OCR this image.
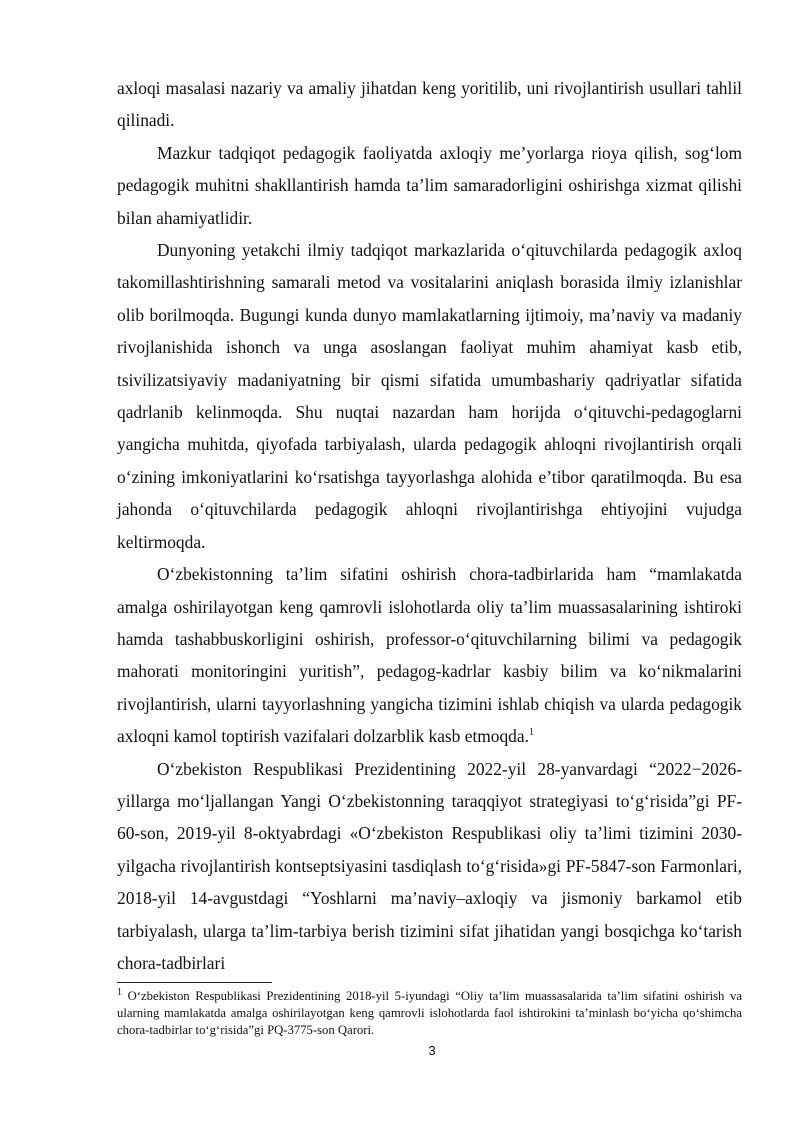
axloqi masalasi nazariy va amaliy jihatdan keng yoritilib, uni rivojlantirish usullari tahlil qilinadi.

Mazkur tadqiqot pedagogik faoliyatda axloqiy me’yorlarga rioya qilish, sog‘lom pedagogik muhitni shakllantirish hamda ta’lim samaradorligini oshirishga xizmat qilishi bilan ahamiyatlidir.

Dunyoning yetakchi ilmiy tadqiqot markazlarida o‘qituvchilarda pedagogik axloq takomillashtirishning samarali metod va vositalarini aniqlash borasida ilmiy izlanishlar olib borilmoqda. Bugungi kunda dunyo mamlakatlarning ijtimoiy, ma’naviy va madaniy rivojlanishida ishonch va unga asoslangan faoliyat muhim ahamiyat kasb etib, tsivilizatsiyaviy madaniyatning bir qismi sifatida umumbashariy qadriyatlar sifatida qadrlanib kelinmoqda. Shu nuqtai nazardan ham horijda o‘qituvchi-pedagoglarni yangicha muhitda, qiyofada tarbiyalash, ularda pedagogik ahloqni rivojlantirish orqali o‘zining imkoniyatlarini ko‘rsatishga tayyorlashga alohida e’tibor qaratilmoqda. Bu esa jahonda o‘qituvchilarda pedagogik ahloqni rivojlantirishga ehtiyojini vujudga keltirmoqda.

O‘zbekistonning ta’lim sifatini oshirish chora-tadbirlarida ham “mamlakatda amalga oshirilayotgan keng qamrovli islohotlarda oliy ta’lim muassasalarining ishtiroki hamda tashabbuskorligini oshirish, professor-o‘qituvchilarning bilimi va pedagogik mahorati monitoringini yuritish”, pedagog-kadrlar kasbiy bilim va ko‘nikmalarini rivojlantirish, ularni tayyorlashning yangicha tizimini ishlab chiqish va ularda pedagogik axloqni kamol toptirish vazifalari dolzarblik kasb etmoqda.$^1$

O‘zbekiston Respublikasi Prezidentining 2022-yil 28-yanvardagi “2022−2026-yillarga mo‘ljallangan Yangi O‘zbekistonning taraqqiyot strategiyasi to‘g‘risida”gi PF-60-son, 2019-yil 8-oktyabrdagi «O‘zbekiston Respublikasi oliy ta’limi tizimini 2030-yilgacha rivojlantirish kontseptsiyasini tasdiqlash to‘g‘risida»gi PF-5847-son Farmonlari, 2018-yil 14-avgustdagi “Yoshlarni ma’naviy–axloqiy va jismoniy barkamol etib tarbiyalash, ularga ta’lim-tarbiya berish tizimini sifat jihatidan yangi bosqichga ko‘tarish chora-tadbirlari

$^1$ O‘zbekiston Respublikasi Prezidentining 2018-yil 5-iyundagi “Oliy ta’lim muassasalarida ta’lim sifatini oshirish va ularning mamlakatda amalga oshirilayotgan keng qamrovli islohotlarda faol ishtirokini ta’minlash bo‘yicha qo‘shimcha chora-tadbirlar to‘g‘risida”gi PQ-3775-son Qarori.
3
